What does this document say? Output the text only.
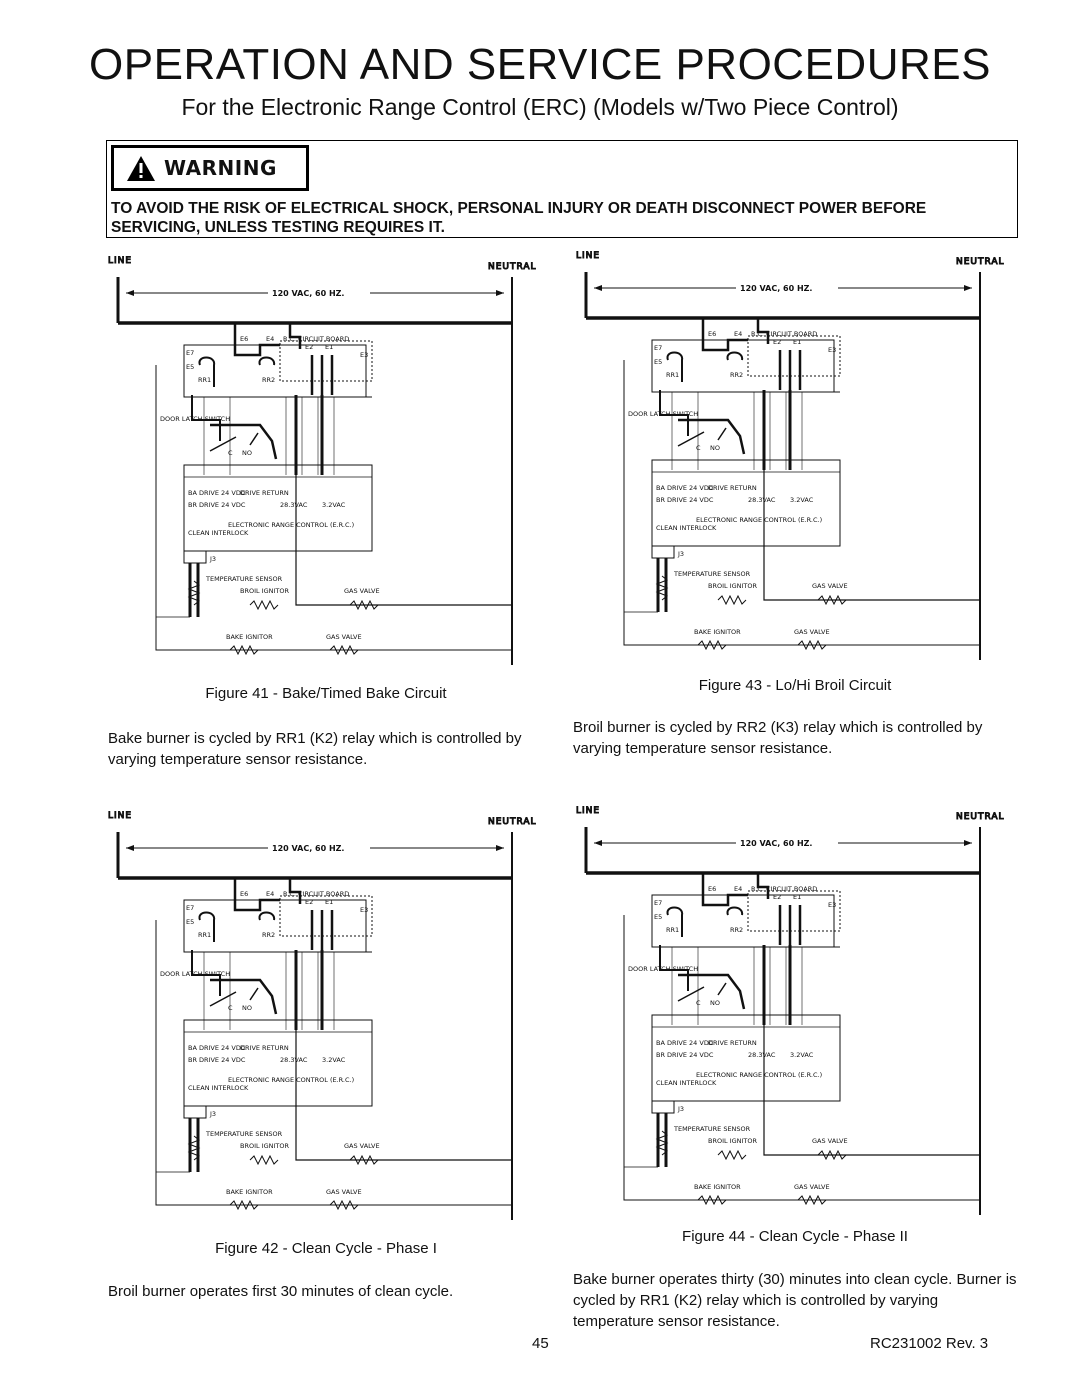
OPERATION AND SERVICE PROCEDURES
For the Electronic Range Control (ERC) (Models w/Two Piece Control)
WARNING
TO AVOID THE RISK OF ELECTRICAL SHOCK, PERSONAL INJURY OR DEATH DISCONNECT POWER BEFORE SERVICING, UNLESS TESTING REQUIRES IT.
LINE
NEUTRAL
120 VAC, 60 HZ.
R.C. CIRCUIT BOARD
DOOR LATCH SWITCH
RR1	RR2
E7
E5
E6	E4
E2 E1
E3
C NO
BA DRIVE 24 VDC
BR DRIVE 24 VDC
DRIVE RETURN
28.3VAC 3.2VAC
ELECTRONIC RANGE CONTROL (E.R.C.)
CLEAN INTERLOCK
J3
TEMPERATURE SENSOR
BROIL IGNITOR	GAS VALVE
BAKE IGNITOR	GAS VALVE
LINE
NEUTRAL
120 VAC, 60 HZ.
R.C. CIRCUIT BOARD
DOOR LATCH SWITCH
RR1	RR2
E7
E5
E6	E4
E2 E1
E3
C NO
BA DRIVE 24 VDC
BR DRIVE 24 VDC
DRIVE RETURN
28.3VAC 3.2VAC
ELECTRONIC RANGE CONTROL (E.R.C.)
CLEAN INTERLOCK
J3
TEMPERATURE SENSOR
BROIL IGNITOR	GAS VALVE
BAKE IGNITOR	GAS VALVE
LINE
NEUTRAL
120 VAC, 60 HZ.
R.C. CIRCUIT BOARD
DOOR LATCH SWITCH
RR1	RR2
E7
E5
E6	E4
E2 E1
E3
C NO
BA DRIVE 24 VDC
BR DRIVE 24 VDC
DRIVE RETURN
28.3VAC 3.2VAC
ELECTRONIC RANGE CONTROL (E.R.C.)
CLEAN INTERLOCK
J3
TEMPERATURE SENSOR
BROIL IGNITOR	GAS VALVE
BAKE IGNITOR	GAS VALVE
LINE
NEUTRAL
120 VAC, 60 HZ.
R.C. CIRCUIT BOARD
DOOR LATCH SWITCH
RR1	RR2
E7
E5
E6	E4
E2 E1
E3
C NO
BA DRIVE 24 VDC
BR DRIVE 24 VDC
DRIVE RETURN
28.3VAC 3.2VAC
ELECTRONIC RANGE CONTROL (E.R.C.)
CLEAN INTERLOCK
J3
TEMPERATURE SENSOR
BROIL IGNITOR	GAS VALVE
BAKE IGNITOR	GAS VALVE
Figure 41 - Bake/Timed Bake Circuit
Bake burner is cycled by RR1 (K2) relay which is controlled by varying temperature sensor resistance.
Figure 43 - Lo/Hi Broil Circuit
Broil burner is cycled by RR2 (K3) relay which is controlled by varying temperature sensor resistance.
Figure 42 - Clean Cycle - Phase I
Broil burner operates first 30 minutes of clean cycle.
Figure 44 - Clean Cycle - Phase II
Bake burner operates thirty (30) minutes into clean cycle. Burner is cycled by RR1 (K2) relay which is controlled by varying temperature sensor resistance.
45	RC231002 Rev. 3
